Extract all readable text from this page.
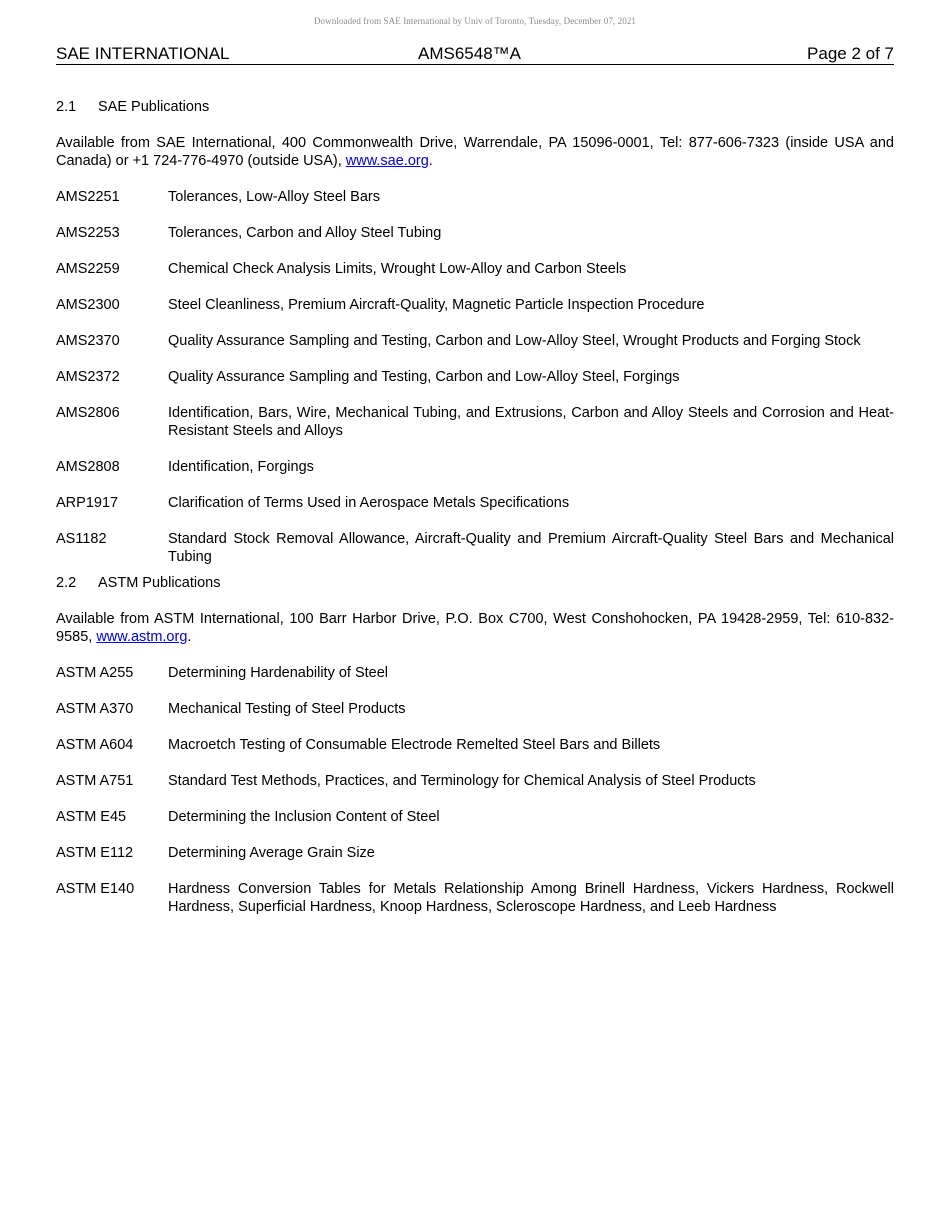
Downloaded from SAE International by Univ of Toronto, Tuesday, December 07, 2021
SAE INTERNATIONAL	AMS6548™A	Page 2 of 7
2.1 SAE Publications

Available from SAE International, 400 Commonwealth Drive, Warrendale, PA 15096-0001, Tel: 877-606-7323 (inside USA and Canada) or +1 724-776-4970 (outside USA), www.sae.org.

AMS2251	Tolerances, Low-Alloy Steel Bars
AMS2253	Tolerances, Carbon and Alloy Steel Tubing
AMS2259	Chemical Check Analysis Limits, Wrought Low-Alloy and Carbon Steels
AMS2300	Steel Cleanliness, Premium Aircraft-Quality, Magnetic Particle Inspection Procedure
AMS2370	Quality Assurance Sampling and Testing, Carbon and Low-Alloy Steel, Wrought Products and Forging Stock
AMS2372	Quality Assurance Sampling and Testing, Carbon and Low-Alloy Steel, Forgings
AMS2806	Identification, Bars, Wire, Mechanical Tubing, and Extrusions, Carbon and Alloy Steels and Corrosion and Heat-Resistant Steels and Alloys
AMS2808	Identification, Forgings
ARP1917	Clarification of Terms Used in Aerospace Metals Specifications
AS1182	Standard Stock Removal Allowance, Aircraft-Quality and Premium Aircraft-Quality Steel Bars and Mechanical Tubing
2.2 ASTM Publications

Available from ASTM International, 100 Barr Harbor Drive, P.O. Box C700, West Conshohocken, PA 19428-2959, Tel: 610-832-9585, www.astm.org.

ASTM A255	Determining Hardenability of Steel
ASTM A370	Mechanical Testing of Steel Products
ASTM A604	Macroetch Testing of Consumable Electrode Remelted Steel Bars and Billets
ASTM A751	Standard Test Methods, Practices, and Terminology for Chemical Analysis of Steel Products
ASTM E45	Determining the Inclusion Content of Steel
ASTM E112	Determining Average Grain Size
ASTM E140	Hardness Conversion Tables for Metals Relationship Among Brinell Hardness, Vickers Hardness, Rockwell Hardness, Superficial Hardness, Knoop Hardness, Scleroscope Hardness, and Leeb Hardness
